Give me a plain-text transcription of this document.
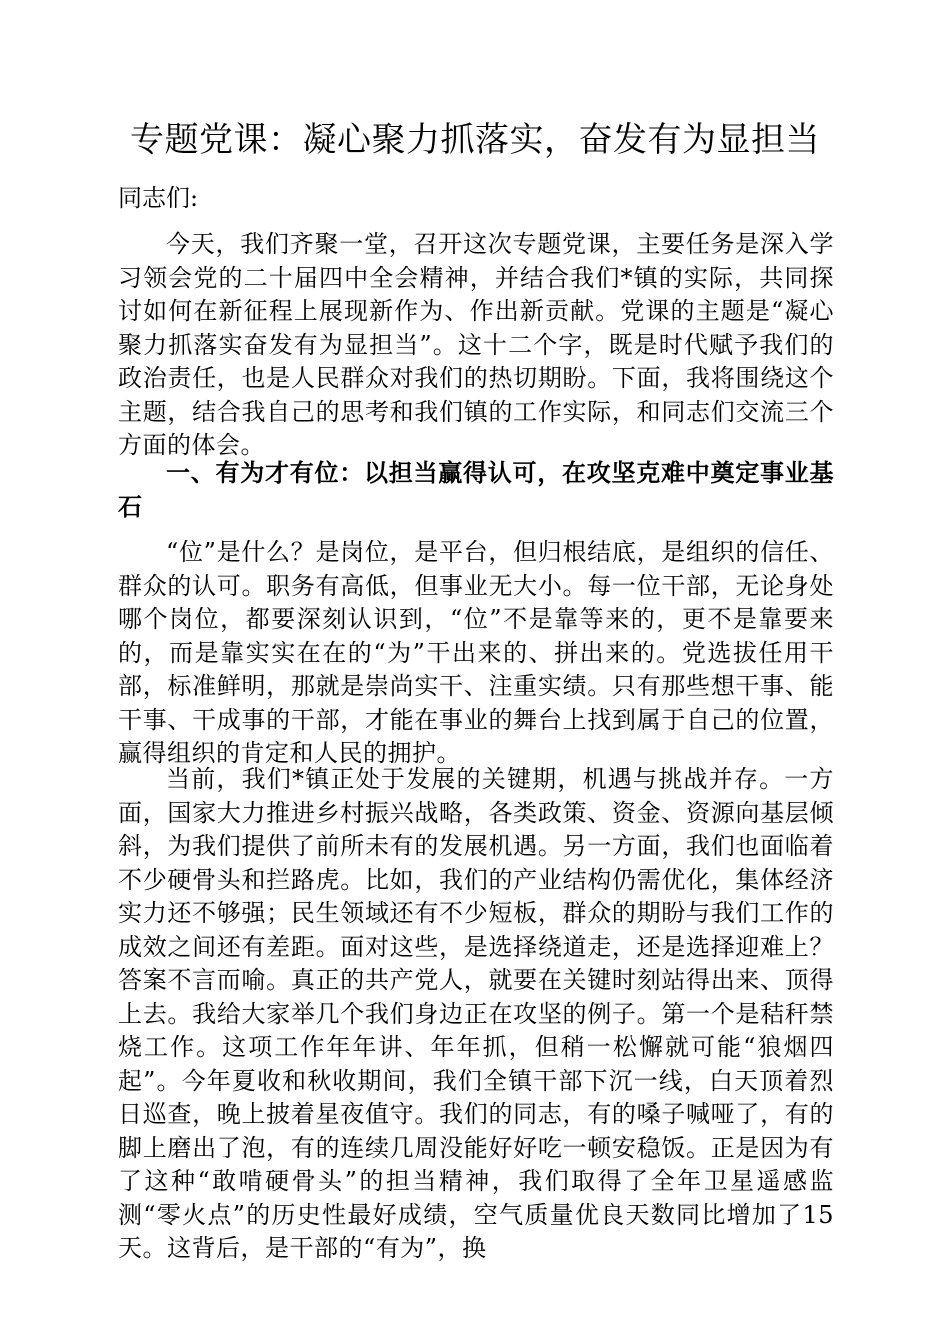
专题党课：凝心聚力抓落实，奋发有为显担当

同志们:

今天，我们齐聚一堂，召开这次专题党课，主要任务是深入学习领会党的二十届四中全会精神，并结合我们*镇的实际，共同探讨如何在新征程上展现新作为、作出新贡献。党课的主题是“凝心聚力抓落实奋发有为显担当”。这十二个字，既是时代赋予我们的政治责任，也是人民群众对我们的热切期盼。下面，我将围绕这个主题，结合我自己的思考和我们镇的工作实际，和同志们交流三个方面的体会。

一、有为才有位：以担当赢得认可，在攻坚克难中奠定事业基石

“位”是什么？是岗位，是平台，但归根结底，是组织的信任、群众的认可。职务有高低，但事业无大小。每一位干部，无论身处哪个岗位，都要深刻认识到，“位”不是靠等来的，更不是靠要来的，而是靠实实在在的“为”干出来的、拼出来的。党选拔任用干部，标准鲜明，那就是崇尚实干、注重实绩。只有那些想干事、能干事、干成事的干部，才能在事业的舞台上找到属于自己的位置，赢得组织的肯定和人民的拥护。

当前，我们*镇正处于发展的关键期，机遇与挑战并存。一方面，国家大力推进乡村振兴战略，各类政策、资金、资源向基层倾斜，为我们提供了前所未有的发展机遇。另一方面，我们也面临着不少硬骨头和拦路虎。比如，我们的产业结构仍需优化，集体经济实力还不够强；民生领域还有不少短板，群众的期盼与我们工作的成效之间还有差距。面对这些，是选择绕道走，还是选择迎难上？答案不言而喻。真正的共产党人，就要在关键时刻站得出来、顶得上去。我给大家举几个我们身边正在攻坚的例子。第一个是秸秆禁烧工作。这项工作年年讲、年年抓，但稍一松懈就可能“狼烟四起”。今年夏收和秋收期间，我们全镇干部下沉一线，白天顶着烈日巡查，晚上披着星夜值守。我们的同志，有的嗓子喊哑了，有的脚上磨出了泡，有的连续几周没能好好吃一顿安稳饭。正是因为有了这种“敢啃硬骨头”的担当精神，我们取得了全年卫星遥感监测“零火点”的历史性最好成绩，空气质量优良天数同比增加了15天。这背后，是干部的“有为”，换
